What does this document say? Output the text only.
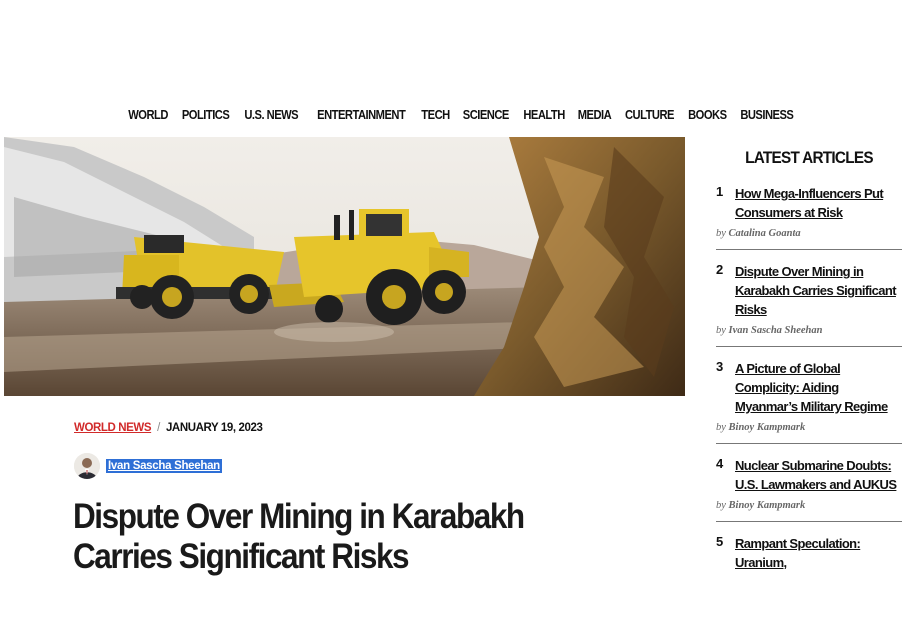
WORLD POLITICS U.S. NEWS ENTERTAINMENT TECH SCIENCE HEALTH MEDIA CULTURE BOOKS BUSINESS
WORLD NEWS / JANUARY 19, 2023
Ivan Sascha Sheehan
Dispute Over Mining in Karabakh Carries Significant Risks
LATEST ARTICLES
1 How Mega-Influencers Put Consumers at Risk
by Catalina Goanta
2 Dispute Over Mining in Karabakh Carries Significant Risks
by Ivan Sascha Sheehan
3 A Picture of Global Complicity: Aiding Myanmar’s Military Regime
by Binoy Kampmark
4 Nuclear Submarine Doubts: U.S. Lawmakers and AUKUS
by Binoy Kampmark
5 Rampant Speculation: Uranium,
